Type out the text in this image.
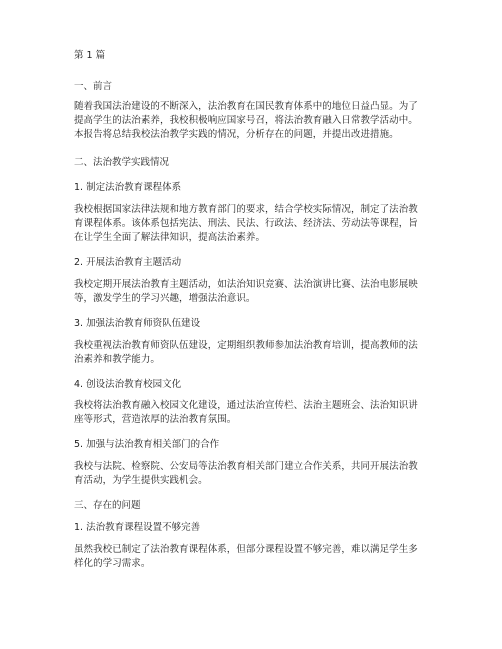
第 1 篇
一、前言
随着我国法治建设的不断深入，法治教育在国民教育体系中的地位日益凸显。为了
提高学生的法治素养，我校积极响应国家号召，将法治教育融入日常教学活动中。
本报告将总结我校法治教学实践的情况，分析存在的问题，并提出改进措施。
二、法治教学实践情况
1. 制定法治教育课程体系
我校根据国家法律法规和地方教育部门的要求，结合学校实际情况，制定了法治教
育课程体系。该体系包括宪法、刑法、民法、行政法、经济法、劳动法等课程，旨
在让学生全面了解法律知识，提高法治素养。
2. 开展法治教育主题活动
我校定期开展法治教育主题活动，如法治知识竞赛、法治演讲比赛、法治电影展映
等，激发学生的学习兴趣，增强法治意识。
3. 加强法治教育师资队伍建设
我校重视法治教育师资队伍建设，定期组织教师参加法治教育培训，提高教师的法
治素养和教学能力。
4. 创设法治教育校园文化
我校将法治教育融入校园文化建设，通过法治宣传栏、法治主题班会、法治知识讲
座等形式，营造浓厚的法治教育氛围。
5. 加强与法治教育相关部门的合作
我校与法院、检察院、公安局等法治教育相关部门建立合作关系，共同开展法治教
育活动，为学生提供实践机会。
三、存在的问题
1. 法治教育课程设置不够完善
虽然我校已制定了法治教育课程体系，但部分课程设置不够完善，难以满足学生多
样化的学习需求。
